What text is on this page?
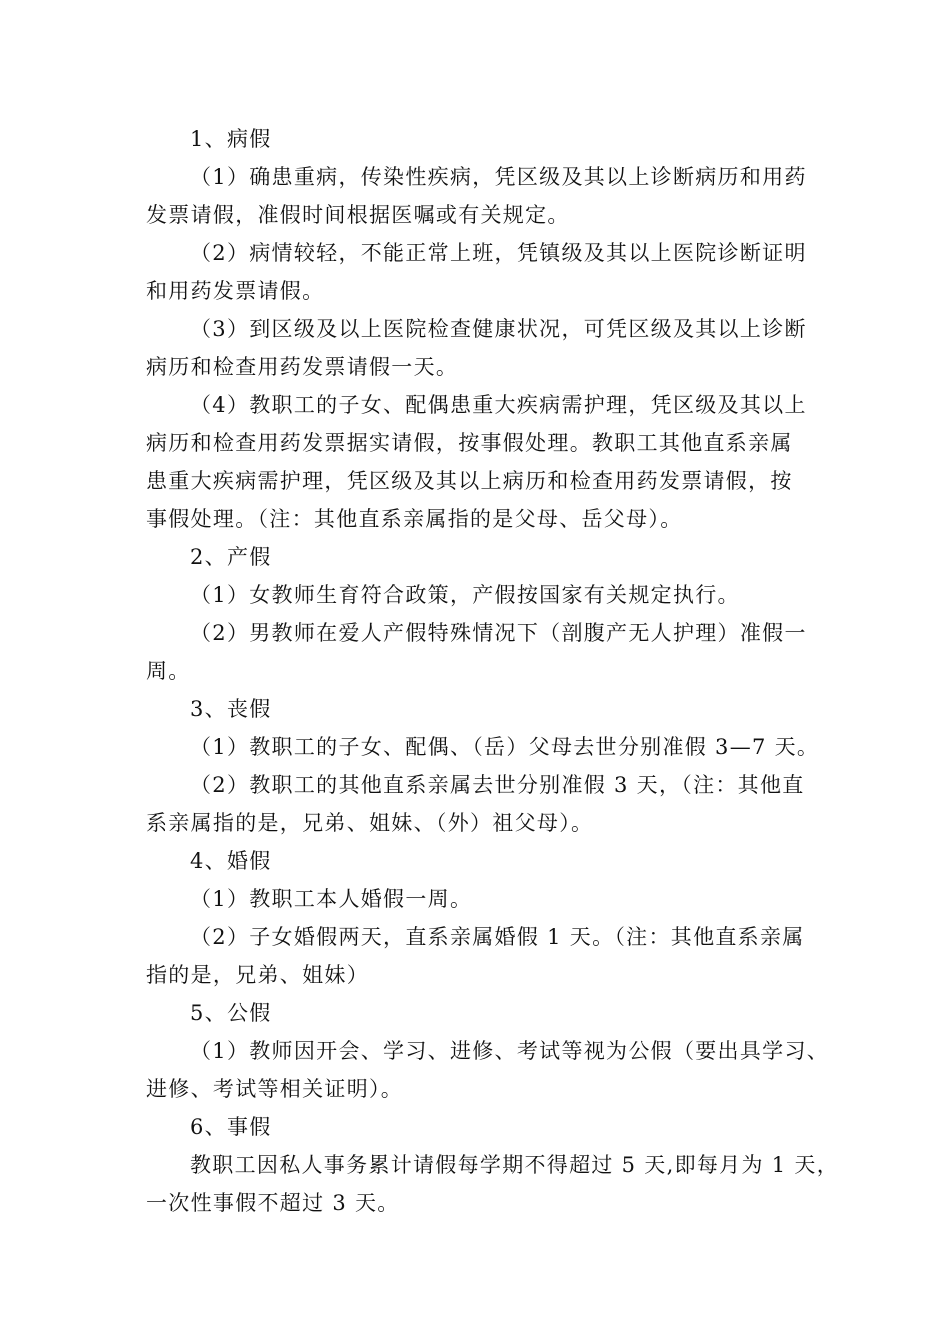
1、病假
（1）确患重病，传染性疾病，凭区级及其以上诊断病历和用药
发票请假，准假时间根据医嘱或有关规定。
（2）病情较轻，不能正常上班，凭镇级及其以上医院诊断证明
和用药发票请假。
（3）到区级及以上医院检查健康状况，可凭区级及其以上诊断
病历和检查用药发票请假一天。
（4）教职工的子女、配偶患重大疾病需护理，凭区级及其以上
病历和检查用药发票据实请假，按事假处理。教职工其他直系亲属
患重大疾病需护理，凭区级及其以上病历和检查用药发票请假，按
事假处理。（注：其他直系亲属指的是父母、岳父母）。
2、产假
（1）女教师生育符合政策，产假按国家有关规定执行。
（2）男教师在爱人产假特殊情况下（剖腹产无人护理）准假一
周。
3、丧假
（1）教职工的子女、配偶、（岳）父母去世分别准假 3—7 天。
（2）教职工的其他直系亲属去世分别准假 3 天，（注：其他直
系亲属指的是，兄弟、姐妹、（外）祖父母）。
4、婚假
（1）教职工本人婚假一周。
（2）子女婚假两天，直系亲属婚假 1 天。（注：其他直系亲属
指的是，兄弟、姐妹）
5、公假
（1）教师因开会、学习、进修、考试等视为公假（要出具学习、
进修、考试等相关证明）。
6、事假
教职工因私人事务累计请假每学期不得超过 5 天,即每月为 1 天，
一次性事假不超过 3 天。
